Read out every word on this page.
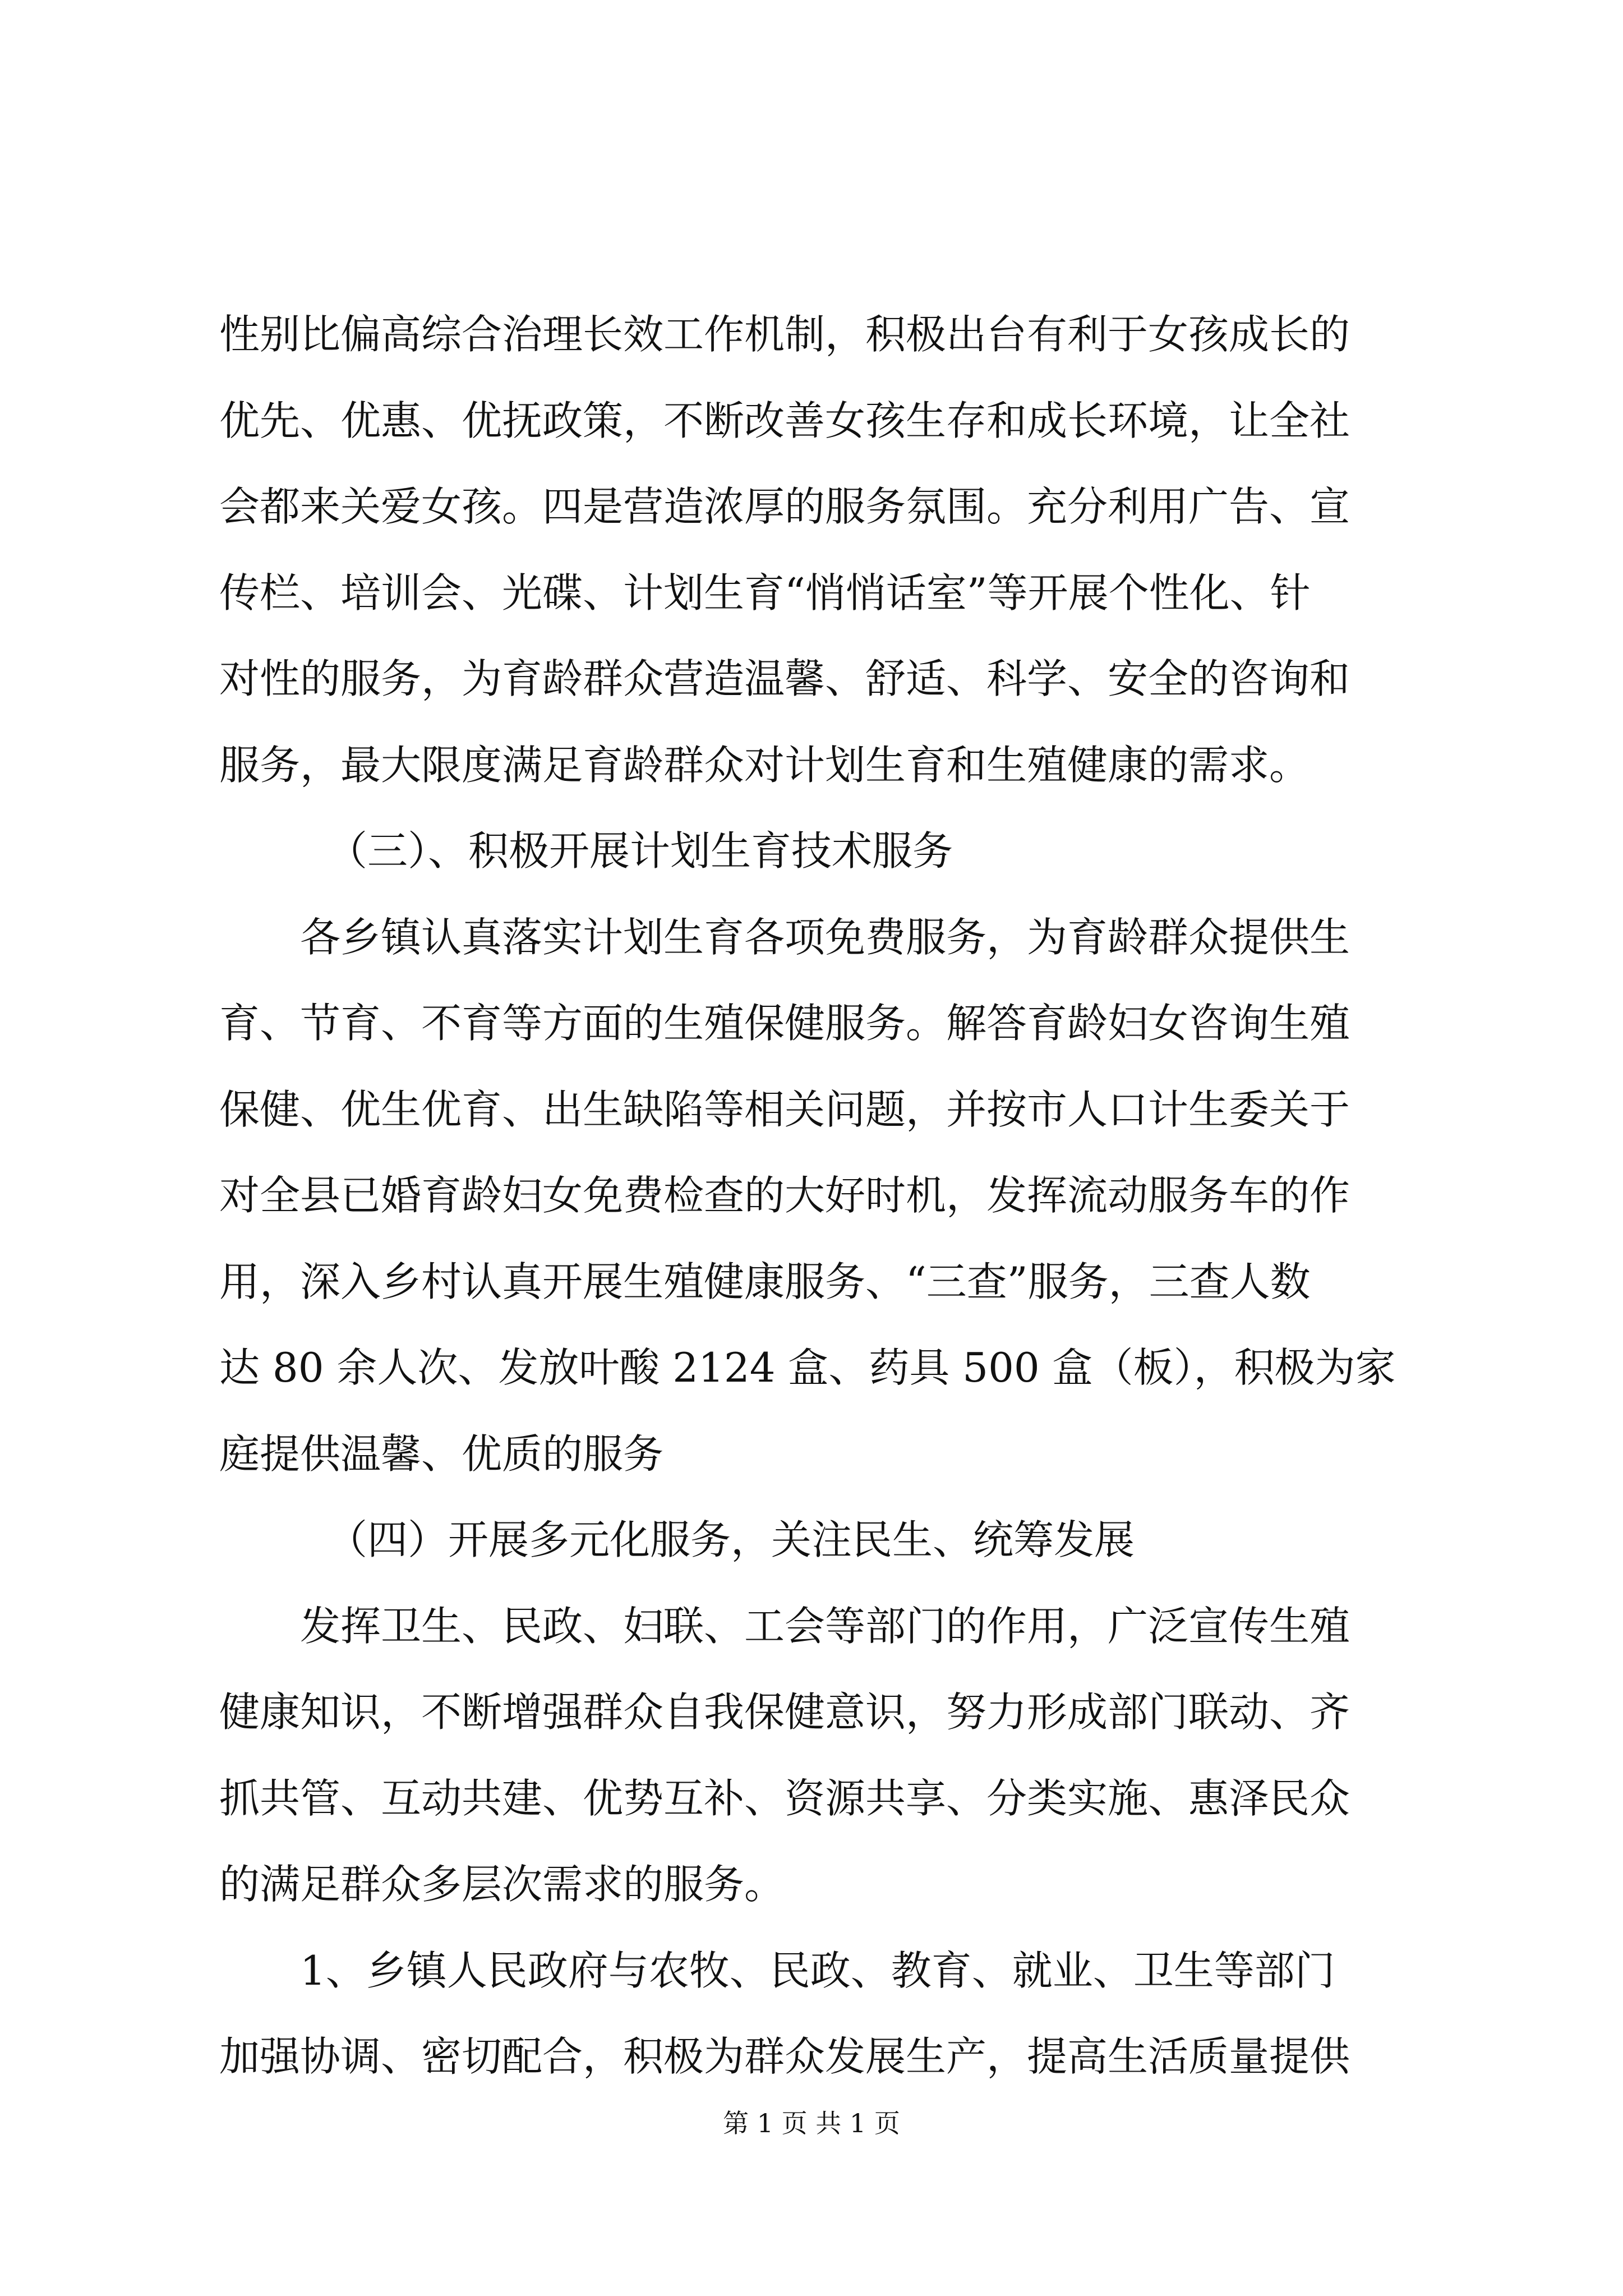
性别比偏高综合治理长效工作机制，积极出台有利于女孩成长的
优先、优惠、优抚政策，不断改善女孩生存和成长环境，让全社
会都来关爱女孩。四是营造浓厚的服务氛围。充分利用广告、宣
传栏、培训会、光碟、计划生育“悄悄话室”等开展个性化、针
对性的服务，为育龄群众营造温馨、舒适、科学、安全的咨询和
服务，最大限度满足育龄群众对计划生育和生殖健康的需求。
（三）、积极开展计划生育技术服务
各乡镇认真落实计划生育各项免费服务，为育龄群众提供生
育、节育、不育等方面的生殖保健服务。解答育龄妇女咨询生殖
保健、优生优育、出生缺陷等相关问题，并按市人口计生委关于
对全县已婚育龄妇女免费检查的大好时机，发挥流动服务车的作
用，深入乡村认真开展生殖健康服务、“三查”服务，三查人数
达 80 余人次、发放叶酸 2124 盒、药具 500 盒（板），积极为家
庭提供温馨、优质的服务
（四）开展多元化服务，关注民生、统筹发展
发挥卫生、民政、妇联、工会等部门的作用，广泛宣传生殖
健康知识，不断增强群众自我保健意识，努力形成部门联动、齐
抓共管、互动共建、优势互补、资源共享、分类实施、惠泽民众
的满足群众多层次需求的服务。
1、乡镇人民政府与农牧、民政、教育、就业、卫生等部门
加强协调、密切配合，积极为群众发展生产，提高生活质量提供
第 1 页 共 1 页
